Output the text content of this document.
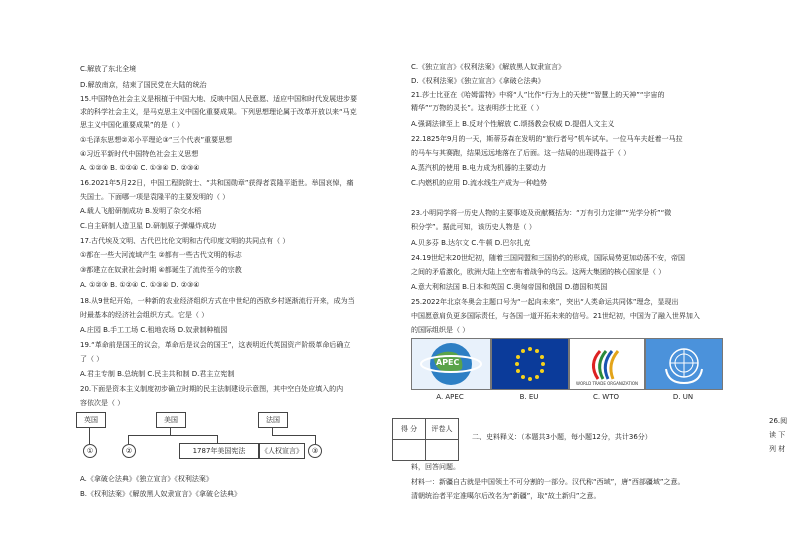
C.解放了东北全境
D.解放南京，结束了国民党在大陆的统治
15.中国特色社会主义是根植于中国大地、反映中国人民意愿、适应中国和时代发展进步要
求的科学社会主义，是马克思主义中国化重要成果。下列思想理论属于改革开放以来“马克
思主义中国化重要成果”的是（ ）
①毛泽东思想②邓小平理论③“三个代表”重要思想
④习近平新时代中国特色社会主义思想
A. ①②③ B. ①②④ C. ①③④ D. ②③④
16.2021年5月22日，中国工程院院士、“共和国勋章”获得者袁隆平逝世。举国哀悼，痛
失国士。下面哪一项是袁隆平的主要发明的（ ）
A.载人飞船研制成功 B.发明了杂交水稻
C.自主研制人造卫星 D.研制原子弹爆炸成功
17.古代埃及文明、古代巴比伦文明和古代印度文明的共同点有（ ）
①都在一些大河流域产生 ②都有一些古代文明的标志
③都建立在奴隶社会时期 ④都诞生了流传至今的宗教
A. ①②③ B. ①②④ C. ①③④ D. ②③④
18.从9世纪开始，一种新的农业经济组织方式在中世纪的西欧乡村逐渐流行开来，成为当
时最基本的经济社会组织方式。它是（ ）
A.庄园 B.手工工场 C.租地农场 D.奴隶制种植园
19.“革命前是国王的议会，革命后是议会的国王”，这表明近代英国资产阶级革命后确立
了（ ）
A.君主专制 B.总统制 C.民主共和制 D.君主立宪制
20.下面是资本主义制度初步确立时期的民主法制建设示意图，其中空白处应填入的内
容依次是（ ）
英国	美国	法国
①	②	1787年美国宪法	《人权宣言》	③
A.《拿破仑法典》《独立宣言》《权利法案》
B.《权利法案》《解放黑人奴隶宣言》《拿破仑法典》
C.《独立宣言》《权利法案》《解放黑人奴隶宣言》
D.《权利法案》《独立宣言》《拿破仑法典》
21.莎士比亚在《哈姆雷特》中将“人”比作“行为上的天使”“智慧上的天神”“宇宙的
精华”“万物的灵长”。这表明莎士比亚（ ）
A.强调法律至上 B.反对个性解放 C.颂扬教会权威 D.提倡人文主义
22.1825年9月的一天，斯蒂芬森在发明的“旅行者号”机车试车。一位马车夫赶着一马拉
的马车与其赛跑，结果远远地落在了后面。这一结局的出现得益于（ ）
A.蒸汽机的使用 B.电力成为机器的主要动力
C.内燃机的应用 D.流水线生产成为一种趋势
23.小明同学将一历史人物的主要事迹及贡献概括为：“万有引力定律”“光学分析”“微
积分学”。据此可知，该历史人物是（ ）
A.贝多芬 B.达尔文 C.牛顿 D.巴尔扎克
24.19世纪末20世纪初，随着三国同盟和三国协约的形成，国际局势更加动荡不安，帝国
之间的矛盾激化，欧洲大陆上空密布着战争的乌云。这两大集团的核心国家是（ ）
A.意大利和法国 B.日本和英国 C.奥匈帝国和俄国 D.德国和英国
25.2022年北京冬奥会主题口号为“一起向未来”，突出“人类命运共同体”理念，显现出
中国愿意肩负更多国际责任，与各国一道开拓未来的信号。21世纪初，中国为了融入世界加入
的国际组织是（ ）
APEC
A. APEC	B. EU
WORLD TRADE ORGANIZATION
C. WTO	D. UN
得 分	评卷人

二、史料释义：（本题共3小题，每小题12分，共计36分）
26.阅
读 下
列 材
料，回答问题。
材料一：新疆自古就是中国领土不可分割的一部分。汉代称“西域”，唐“西部疆域”之意。
清朝统治者平定准噶尔后改名为“新疆”，取“故土新归”之意。
